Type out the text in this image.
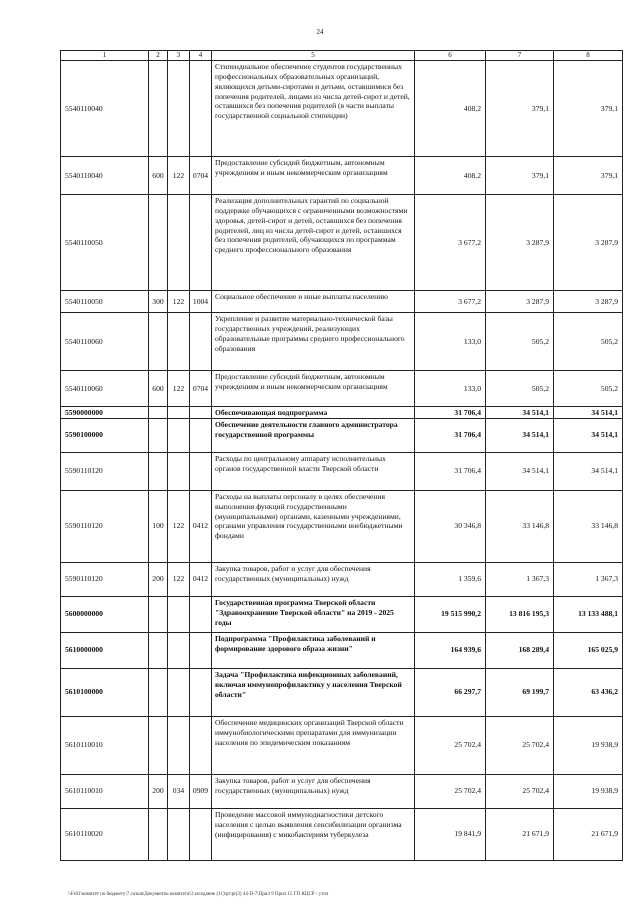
24
1	2	3	4	5	6	7	8
5540110040				Стипендиальное обеспечение студентов государственных профессиональных образовательных организаций, являющихся детьми-сиротами и детьми, оставшимися без попечения родителей, лицами из числа детей-сирот и детей, оставшихся без попечения родителей (в части выплаты государственной социальной стипендии)	408,2	379,1	379,1
5540110040	600	122	0704	Предоставление субсидий бюджетным, автономным учреждениям и иным некоммерческим организациям	408,2	379,1	379,1
5540110050				Реализация дополнительных гарантий по социальной поддержке обучающихся с ограниченными возможностями здоровья, детей-сирот и детей, оставшихся без попечения родителей, лиц из числа детей-сирот и детей, оставшихся без попечения родителей, обучающихся по программам среднего профессионального образования	3 677,2	3 287,9	3 287,9
5540110050	300	122	1004	Социальное обеспечение и иные выплаты населению	3 677,2	3 287,9	3 287,9
5540110060				Укрепление и развитие материально-технической базы государственных учреждений, реализующих образовательные программы среднего профессионального образования	133,0	505,2	505,2
5540110060	600	122	0704	Предоставление субсидий бюджетным, автономным учреждениям и иным некоммерческим организациям	133,0	505,2	505,2
5590000000				Обеспечивающая подпрограмма	31 706,4	34 514,1	34 514,1
5590100000				Обеспечение деятельности главного администратора государственной программы	31 706,4	34 514,1	34 514,1
5590110120				Расходы по центральному аппарату исполнительных органов государственной власти Тверской области	31 706,4	34 514,1	34 514,1
5590110120	100	122	0412	Расходы на выплаты персоналу в целях обеспечения выполнения функций государственными (муниципальными) органами, казенными учреждениями, органами управления государственными внебюджетными фондами	30 346,8	33 146,8	33 146,8
5590110120	200	122	0412	Закупка товаров, работ и услуг для обеспечения государственных (муниципальных) нужд	1 359,6	1 367,3	1 367,3
5600000000				Государственная программа Тверской области "Здравоохранение Тверской области" на 2019 - 2025 годы	19 515 990,2	13 816 195,3	13 133 488,1
5610000000				Подпрограмма "Профилактика заболеваний и формирование здорового образа жизни"	164 939,6	168 289,4	165 025,9
5610100000				Задача "Профилактика инфекционных заболеваний, включая иммунопрофилактику у населения Тверской области"	66 297,7	69 199,7	63 436,2
5610110010				Обеспечение медицинских организаций Тверской области иммунобиологическими препаратами для иммунизации населения по эпидемическим показаниям	25 702,4	25 702,4	19 938,9
5610110010	200	034	0909	Закупка товаров, работ и услуг для обеспечения государственных (муниципальных) нужд	25 702,4	25 702,4	19 938,9
5610110020				Проведение массовой иммунодиагностики детского населения с целью выявления сенсибилизации организма (инфицирования) с микобактериям туберкулеза	19 841,9	21 671,9	21 671,9
\\Fs01\комитет по бюджету\7 созыв\Документы комитета\3 заседание (11)\pr\pr(3) 44-П-7\Прил 9 Прил 15 ГП КЦСР - уточ
